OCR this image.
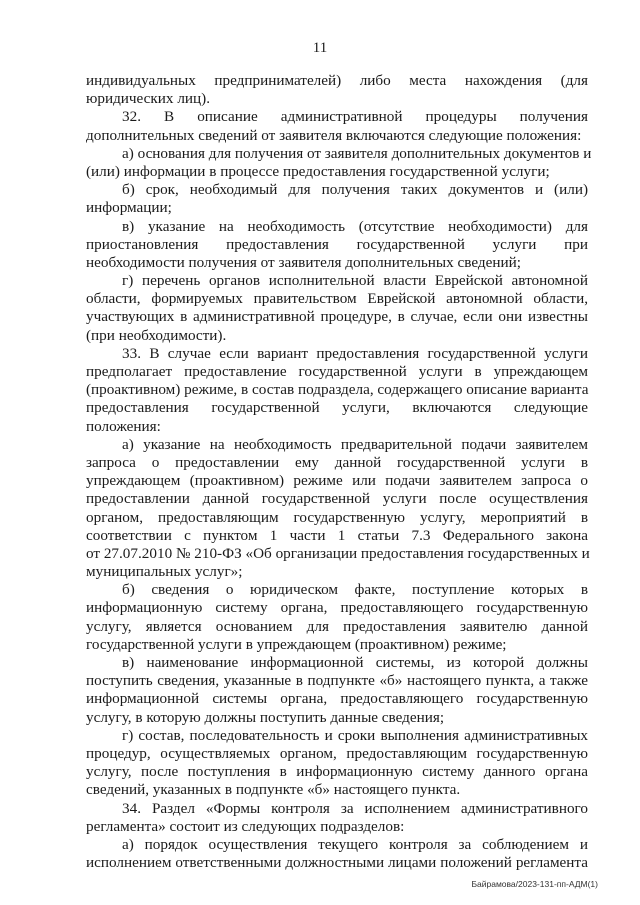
11
индивидуальных предпринимателей) либо места нахождения (для
юридических лиц).
32. В описание административной процедуры получения
дополнительных сведений от заявителя включаются следующие положения:
а) основания для получения от заявителя дополнительных документов и
(или) информации в процессе предоставления государственной услуги;
б) срок, необходимый для получения таких документов и (или)
информации;
в) указание на необходимость (отсутствие необходимости) для
приостановления предоставления государственной услуги при
необходимости получения от заявителя дополнительных сведений;
г) перечень органов исполнительной власти Еврейской автономной
области, формируемых правительством Еврейской автономной области,
участвующих в административной процедуре, в случае, если они известны
(при необходимости).
33. В случае если вариант предоставления государственной услуги
предполагает предоставление государственной услуги в упреждающем
(проактивном) режиме, в состав подраздела, содержащего описание варианта
предоставления государственной услуги, включаются следующие
положения:
а) указание на необходимость предварительной подачи заявителем
запроса о предоставлении ему данной государственной услуги в
упреждающем (проактивном) режиме или подачи заявителем запроса о
предоставлении данной государственной услуги после осуществления
органом, предоставляющим государственную услугу, мероприятий в
соответствии с пунктом 1 части 1 статьи 7.3 Федерального закона
от 27.07.2010 № 210-ФЗ «Об организации предоставления государственных и
муниципальных услуг»;
б) сведения о юридическом факте, поступление которых в
информационную систему органа, предоставляющего государственную
услугу, является основанием для предоставления заявителю данной
государственной услуги в упреждающем (проактивном) режиме;
в) наименование информационной системы, из которой должны
поступить сведения, указанные в подпункте «б» настоящего пункта, а также
информационной системы органа, предоставляющего государственную
услугу, в которую должны поступить данные сведения;
г) состав, последовательность и сроки выполнения административных
процедур, осуществляемых органом, предоставляющим государственную
услугу, после поступления в информационную систему данного органа
сведений, указанных в подпункте «б» настоящего пункта.
34. Раздел «Формы контроля за исполнением административного
регламента» состоит из следующих подразделов:
а) порядок осуществления текущего контроля за соблюдением и
исполнением ответственными должностными лицами положений регламента
Байрамова/2023-131-пп-АДМ(1)
